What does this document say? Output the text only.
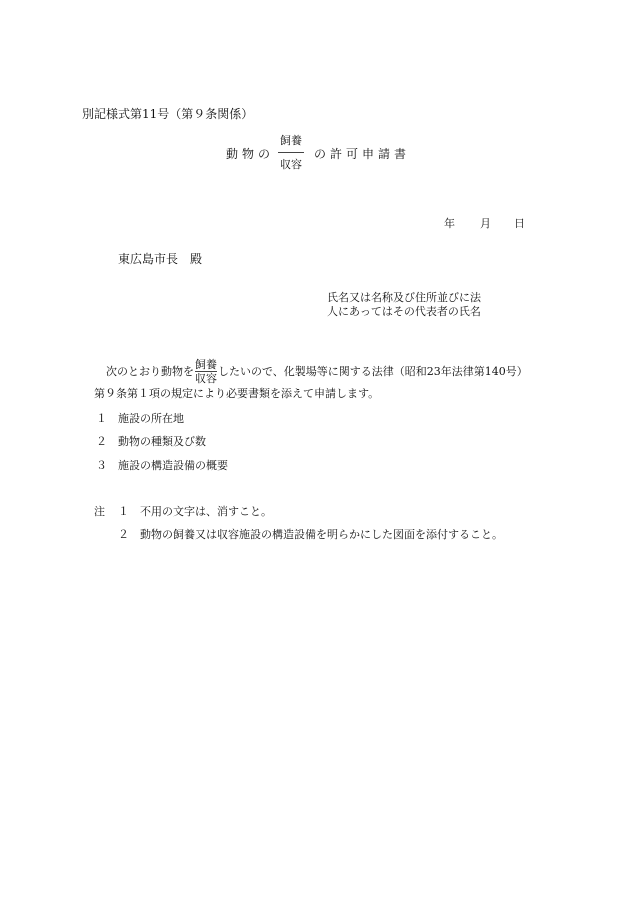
別記様式第11号（第９条関係）
動物の
飼養
収容
の許可申請書
年 月 日
東広島市長　殿
氏名又は名称及び住所並びに法
人にあってはその代表者の氏名
次のとおり動物を
飼養
収容
したいので、化製場等に関する法律（昭和23年法律第140号）
第９条第１項の規定により必要書類を添えて申請します。
１ 施設の所在地
２ 動物の種類及び数
３ 施設の構造設備の概要
注 １ 不用の文字は、消すこと。
２ 動物の飼養又は収容施設の構造設備を明らかにした図面を添付すること。
